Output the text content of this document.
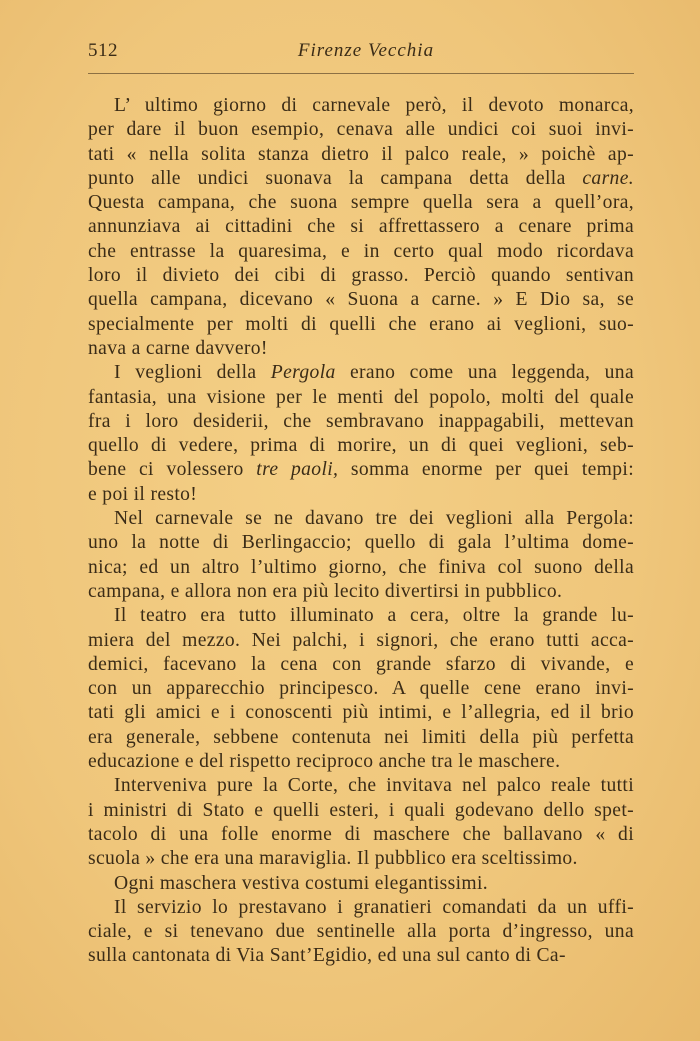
512	Firenze Vecchia
L’ ultimo giorno di carnevale però, il devoto monarca,
per dare il buon esempio, cenava alle undici coi suoi invi-
tati « nella solita stanza dietro il palco reale, » poichè ap-
punto alle undici suonava la campana detta della carne.
Questa campana, che suona sempre quella sera a quell’ora,
annunziava ai cittadini che si affrettassero a cenare prima
che entrasse la quaresima, e in certo qual modo ricordava
loro il divieto dei cibi di grasso. Perciò quando sentivan
quella campana, dicevano « Suona a carne. » E Dio sa, se
specialmente per molti di quelli che erano ai veglioni, suo-
nava a carne davvero!
I veglioni della Pergola erano come una leggenda, una
fantasia, una visione per le menti del popolo, molti del quale
fra i loro desiderii, che sembravano inappagabili, mettevan
quello di vedere, prima di morire, un di quei veglioni, seb-
bene ci volessero tre paoli, somma enorme per quei tempi:
e poi il resto!
Nel carnevale se ne davano tre dei veglioni alla Pergola:
uno la notte di Berlingaccio; quello di gala l’ultima dome-
nica; ed un altro l’ultimo giorno, che finiva col suono della
campana, e allora non era più lecito divertirsi in pubblico.
Il teatro era tutto illuminato a cera, oltre la grande lu-
miera del mezzo. Nei palchi, i signori, che erano tutti acca-
demici, facevano la cena con grande sfarzo di vivande, e
con un apparecchio principesco. A quelle cene erano invi-
tati gli amici e i conoscenti più intimi, e l’allegria, ed il brio
era generale, sebbene contenuta nei limiti della più perfetta
educazione e del rispetto reciproco anche tra le maschere.
Interveniva pure la Corte, che invitava nel palco reale tutti
i ministri di Stato e quelli esteri, i quali godevano dello spet-
tacolo di una folle enorme di maschere che ballavano « di
scuola » che era una maraviglia. Il pubblico era sceltissimo.
Ogni maschera vestiva costumi elegantissimi.
Il servizio lo prestavano i granatieri comandati da un uffi-
ciale, e si tenevano due sentinelle alla porta d’ingresso, una
sulla cantonata di Via Sant’Egidio, ed una sul canto di Ca-
